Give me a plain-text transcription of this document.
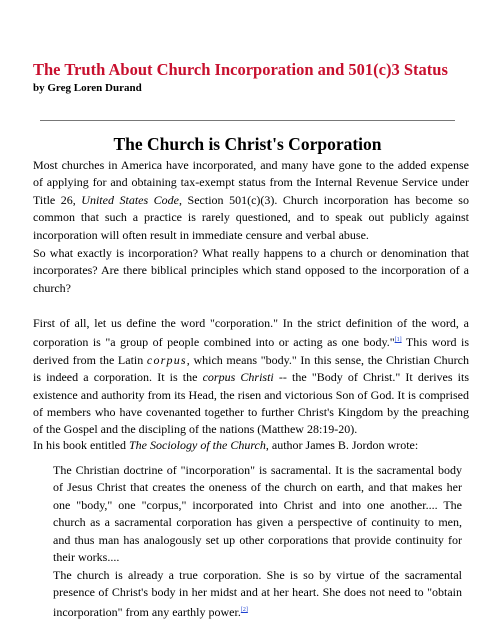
The Truth About Church Incorporation and 501(c)3 Status

by Greg Loren Durand

The Church is Christ's Corporation

Most churches in America have incorporated, and many have gone to the added expense of applying for and obtaining tax-exempt status from the Internal Revenue Service under Title 26, United States Code, Section 501(c)(3). Church incorporation has become so common that such a practice is rarely questioned, and to speak out publicly against incorporation will often result in immediate censure and verbal abuse.

So what exactly is incorporation? What really happens to a church or denomination that incorporates? Are there biblical principles which stand opposed to the incorporation of a church?

First of all, let us define the word "corporation." In the strict definition of the word, a corporation is "a group of people combined into or acting as one body."[1] This word is derived from the Latin corpus, which means "body." In this sense, the Christian Church is indeed a corporation. It is the corpus Christi -- the "Body of Christ." It derives its existence and authority from its Head, the risen and victorious Son of God. It is comprised of members who have covenanted together to further Christ's Kingdom by the preaching of the Gospel and the discipling of the nations (Matthew 28:19-20).

In his book entitled The Sociology of the Church, author James B. Jordon wrote:

The Christian doctrine of "incorporation" is sacramental. It is the sacramental body of Jesus Christ that creates the oneness of the church on earth, and that makes her one "body," one "corpus," incorporated into Christ and into one another.... The church as a sacramental corporation has given a perspective of continuity to men, and thus man has analogously set up other corporations that provide continuity for their works....

The church is already a true corporation. She is so by virtue of the sacramental presence of Christ's body in her midst and at her heart. She does not need to "obtain incorporation" from any earthly power.[2]
